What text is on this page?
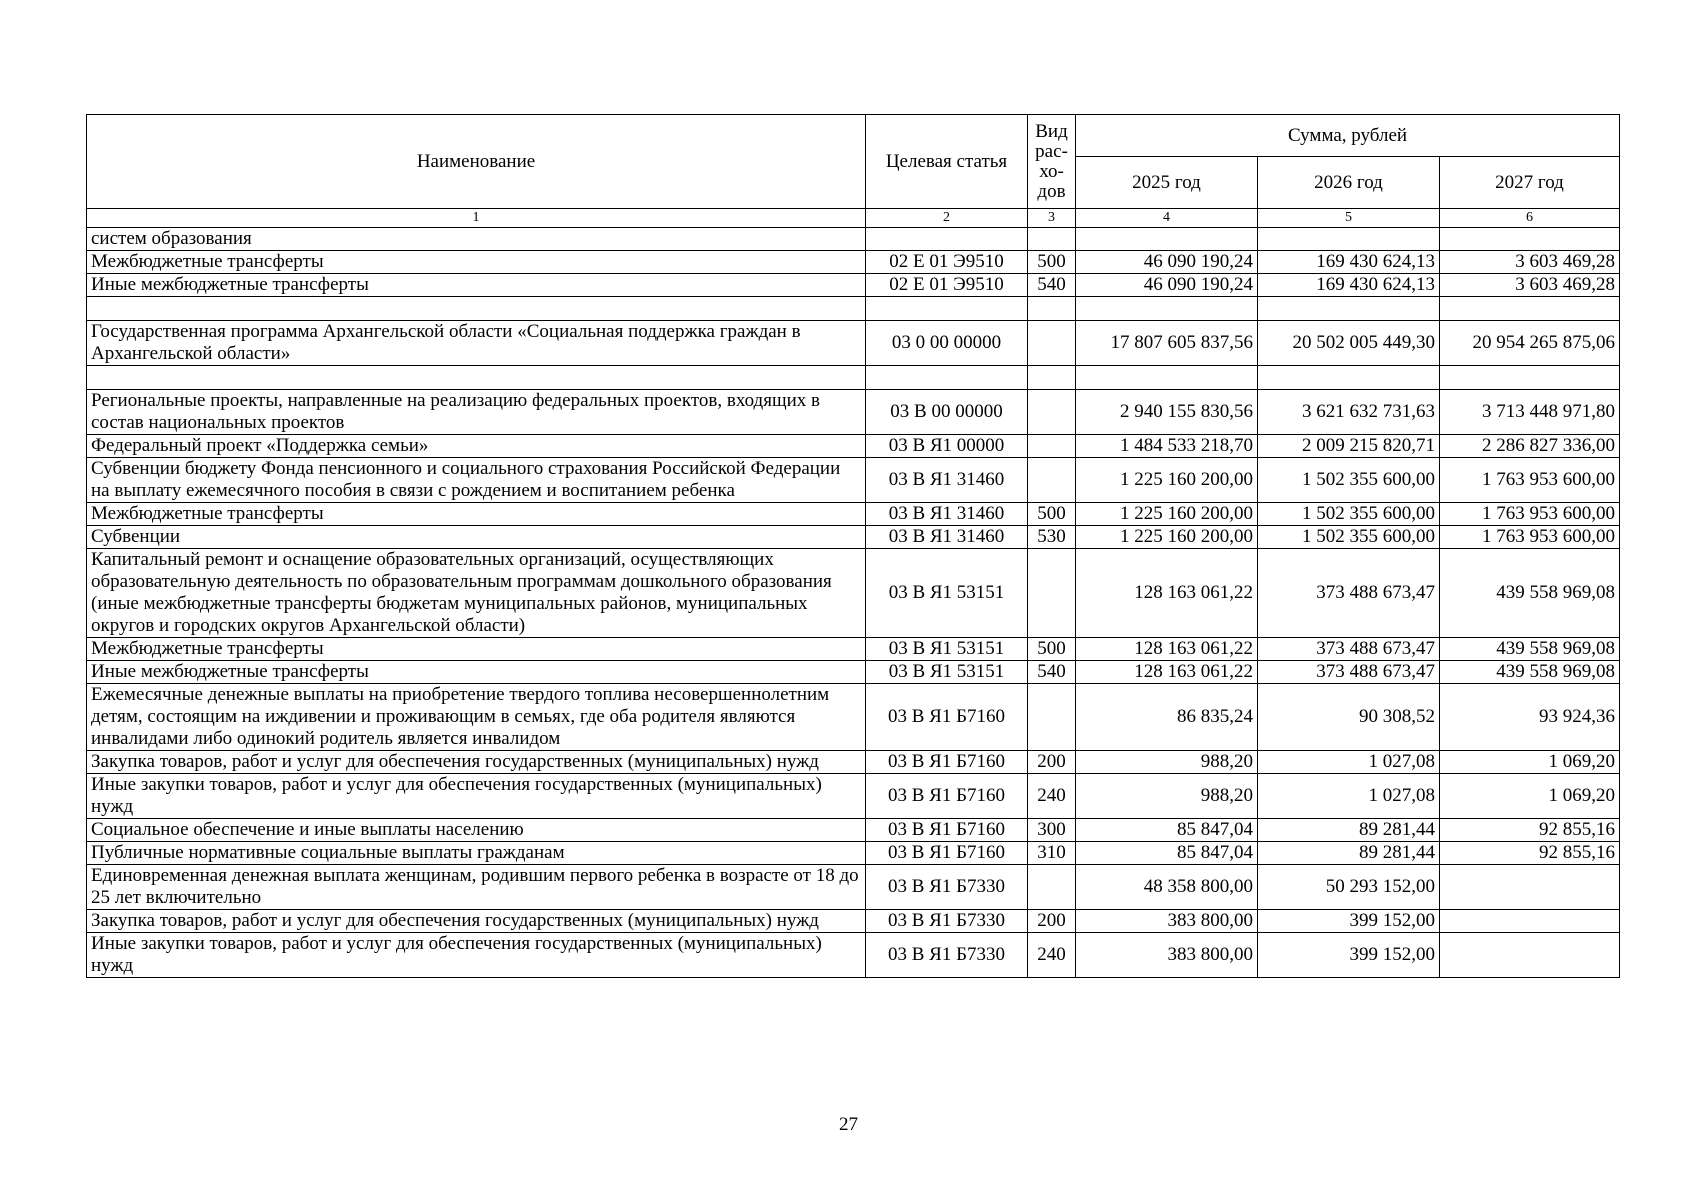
Наименование	Целевая статья	Вид рас-хо-дов	Сумма, рублей		
			2025 год	2026 год	2027 год
1	2	3	4	5	6
систем образования					
Межбюджетные трансферты	02 Е 01 Э9510	500	46 090 190,24	169 430 624,13	3 603 469,28
Иные межбюджетные трансферты	02 Е 01 Э9510	540	46 090 190,24	169 430 624,13	3 603 469,28

Государственная программа Архангельской области «Социальная поддержка граждан в Архангельской области»	03 0 00 00000		17 807 605 837,56	20 502 005 449,30	20 954 265 875,06

Региональные проекты, направленные на реализацию федеральных проектов, входящих в состав национальных проектов	03 В 00 00000		2 940 155 830,56	3 621 632 731,63	3 713 448 971,80
Федеральный проект «Поддержка семьи»	03 В Я1 00000		1 484 533 218,70	2 009 215 820,71	2 286 827 336,00
Субвенции бюджету Фонда пенсионного и социального страхования Российской Федерации на выплату ежемесячного пособия в связи с рождением и воспитанием ребенка	03 В Я1 31460		1 225 160 200,00	1 502 355 600,00	1 763 953 600,00
Межбюджетные трансферты	03 В Я1 31460	500	1 225 160 200,00	1 502 355 600,00	1 763 953 600,00
Субвенции	03 В Я1 31460	530	1 225 160 200,00	1 502 355 600,00	1 763 953 600,00
Капитальный ремонт и оснащение образовательных организаций, осуществляющих образовательную деятельность по образовательным программам дошкольного образования (иные межбюджетные трансферты бюджетам муниципальных районов, муниципальных округов и городских округов Архангельской области)	03 В Я1 53151		128 163 061,22	373 488 673,47	439 558 969,08
Межбюджетные трансферты	03 В Я1 53151	500	128 163 061,22	373 488 673,47	439 558 969,08
Иные межбюджетные трансферты	03 В Я1 53151	540	128 163 061,22	373 488 673,47	439 558 969,08
Ежемесячные денежные выплаты на приобретение твердого топлива несовершеннолетним детям, состоящим на иждивении и проживающим в семьях, где оба родителя являются инвалидами либо одинокий родитель является инвалидом	03 В Я1 Б7160		86 835,24	90 308,52	93 924,36
Закупка товаров, работ и услуг для обеспечения государственных (муниципальных) нужд	03 В Я1 Б7160	200	988,20	1 027,08	1 069,20
Иные закупки товаров, работ и услуг для обеспечения государственных (муниципальных) нужд	03 В Я1 Б7160	240	988,20	1 027,08	1 069,20
Социальное обеспечение и иные выплаты населению	03 В Я1 Б7160	300	85 847,04	89 281,44	92 855,16
Публичные нормативные социальные выплаты гражданам	03 В Я1 Б7160	310	85 847,04	89 281,44	92 855,16
Единовременная денежная выплата женщинам, родившим первого ребенка в возрасте от 18 до 25 лет включительно	03 В Я1 Б7330		48 358 800,00	50 293 152,00	
Закупка товаров, работ и услуг для обеспечения государственных (муниципальных) нужд	03 В Я1 Б7330	200	383 800,00	399 152,00	
Иные закупки товаров, работ и услуг для обеспечения государственных (муниципальных) нужд	03 В Я1 Б7330	240	383 800,00	399 152,00	
27
